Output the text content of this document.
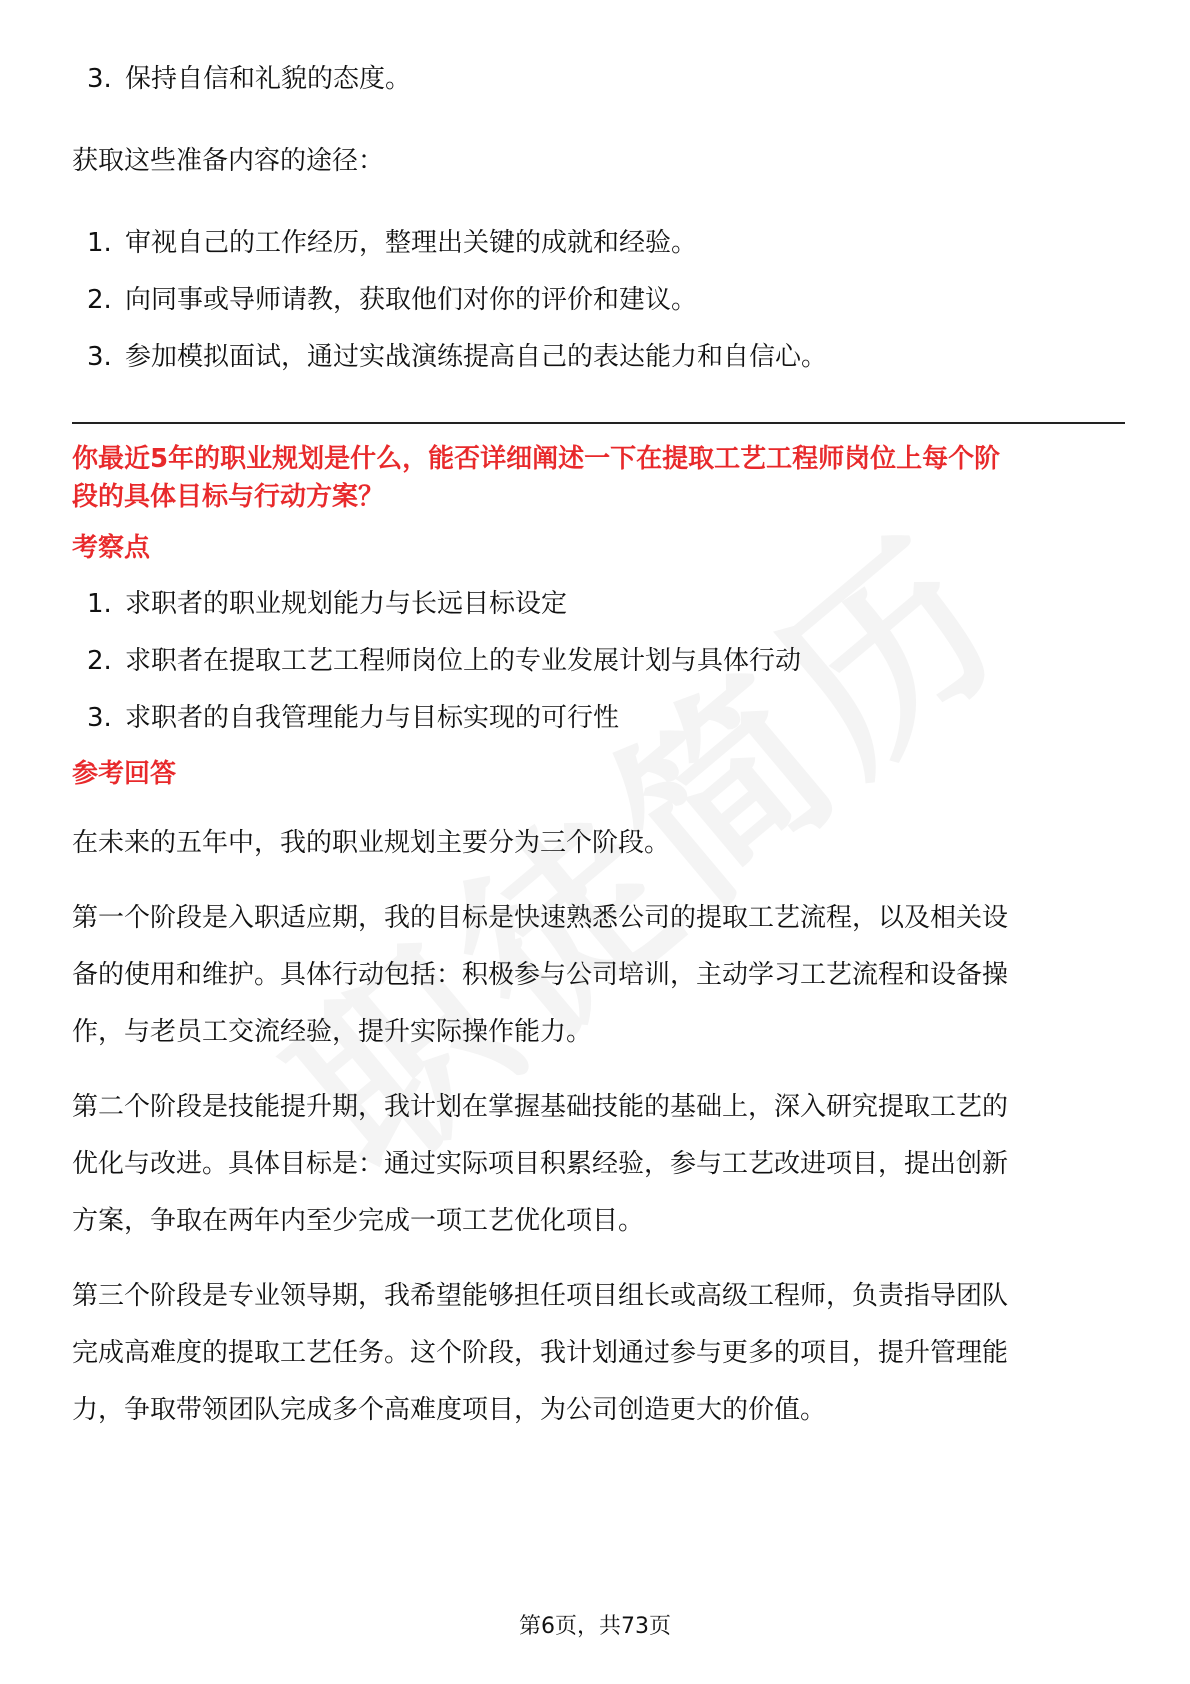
3. 保持自信和礼貌的态度。

获取这些准备内容的途径：

1. 审视自己的工作经历，整理出关键的成就和经验。
2. 向同事或导师请教，获取他们对你的评价和建议。
3. 参加模拟面试，通过实战演练提高自己的表达能力和自信心。

你最近5年的职业规划是什么，能否详细阐述一下在提取工艺工程师岗位上每个阶
段的具体目标与行动方案？

考察点

1. 求职者的职业规划能力与长远目标设定
2. 求职者在提取工艺工程师岗位上的专业发展计划与具体行动
3. 求职者的自我管理能力与目标实现的可行性

参考回答

在未来的五年中，我的职业规划主要分为三个阶段。

第一个阶段是入职适应期，我的目标是快速熟悉公司的提取工艺流程，以及相关设
备的使用和维护。具体行动包括：积极参与公司培训，主动学习工艺流程和设备操
作，与老员工交流经验，提升实际操作能力。

第二个阶段是技能提升期，我计划在掌握基础技能的基础上，深入研究提取工艺的
优化与改进。具体目标是：通过实际项目积累经验，参与工艺改进项目，提出创新
方案，争取在两年内至少完成一项工艺优化项目。

第三个阶段是专业领导期，我希望能够担任项目组长或高级工程师，负责指导团队
完成高难度的提取工艺任务。这个阶段，我计划通过参与更多的项目，提升管理能
力，争取带领团队完成多个高难度项目，为公司创造更大的价值。

第6页，共73页
